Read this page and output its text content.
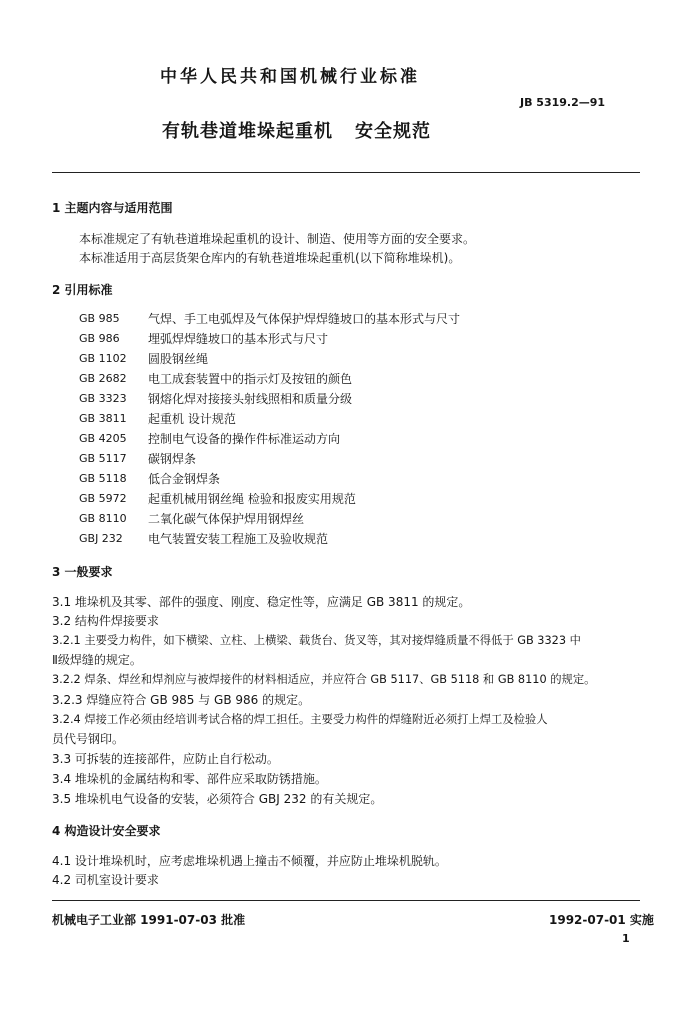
中华人民共和国机械行业标准
JB 5319.2—91
有轨巷道堆垛起重机 安全规范
1 主题内容与适用范围
本标准规定了有轨巷道堆垛起重机的设计、制造、使用等方面的安全要求。
本标准适用于高层货架仓库内的有轨巷道堆垛起重机(以下简称堆垛机)。
2 引用标准
GB 985 气焊、手工电弧焊及气体保护焊焊缝坡口的基本形式与尺寸
GB 986 埋弧焊焊缝坡口的基本形式与尺寸
GB 1102 圆股钢丝绳
GB 2682 电工成套装置中的指示灯及按钮的颜色
GB 3323 钢熔化焊对接接头射线照相和质量分级
GB 3811 起重机 设计规范
GB 4205 控制电气设备的操作件标准运动方向
GB 5117 碳钢焊条
GB 5118 低合金钢焊条
GB 5972 起重机械用钢丝绳 检验和报废实用规范
GB 8110 二氧化碳气体保护焊用钢焊丝
GBJ 232 电气装置安装工程施工及验收规范
3 一般要求
3.1 堆垛机及其零、部件的强度、刚度、稳定性等，应满足 GB 3811 的规定。
3.2 结构件焊接要求
3.2.1 主要受力构件，如下横梁、立柱、上横梁、载货台、货叉等，其对接焊缝质量不得低于 GB 3323 中
Ⅱ级焊缝的规定。
3.2.2 焊条、焊丝和焊剂应与被焊接件的材料相适应，并应符合 GB 5117、GB 5118 和 GB 8110 的规定。
3.2.3 焊缝应符合 GB 985 与 GB 986 的规定。
3.2.4 焊接工作必须由经培训考试合格的焊工担任。主要受力构件的焊缝附近必须打上焊工及检验人
员代号钢印。
3.3 可拆装的连接部件，应防止自行松动。
3.4 堆垛机的金属结构和零、部件应采取防锈措施。
3.5 堆垛机电气设备的安装，必须符合 GBJ 232 的有关规定。
4 构造设计安全要求
4.1 设计堆垛机时，应考虑堆垛机遇上撞击不倾覆，并应防止堆垛机脱轨。
4.2 司机室设计要求
机械电子工业部 1991-07-03 批准	1992-07-01 实施
1
